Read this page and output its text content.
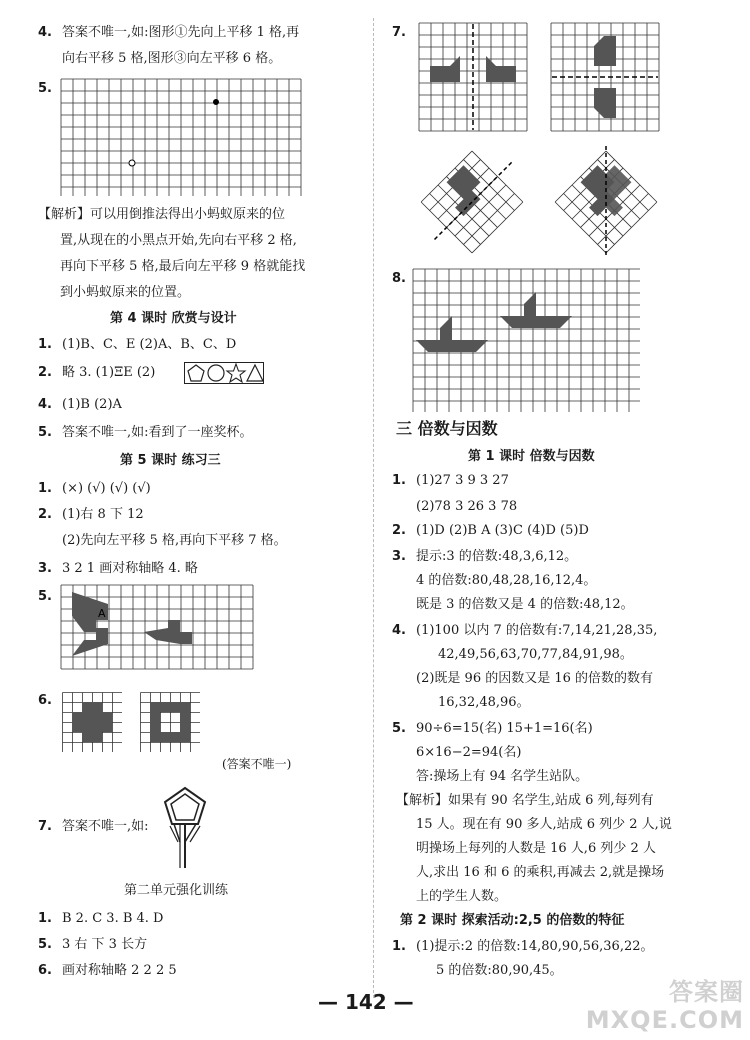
4. 答案不唯一,如:图形①先向上平移 1 格,再
向右平移 5 格,图形③向左平移 6 格。
5.
【解析】可以用倒推法得出小蚂蚁原来的位
置,从现在的小黑点开始,先向右平移 2 格,
再向下平移 5 格,最后向左平移 9 格就能找
到小蚂蚁原来的位置。
第 4 课时 欣赏与设计
1. (1)B、C、E (2)A、B、C、D
2. 略 3. (1)ΞΕ (2)
4. (1)B (2)A
5. 答案不唯一,如:看到了一座奖杯。
第 5 课时 练习三
1. (×) (√) (√) (√)
2. (1)右 8 下 12
(2)先向左平移 5 格,再向下平移 7 格。
3. 3 2 1 画对称轴略 4. 略
5.
A
6.
(答案不唯一)
7. 答案不唯一,如:
第二单元强化训练
1. B 2. C 3. B 4. D
5. 3 右 下 3 长方
6. 画对称轴略 2 2 2 5
7.
8.
三 倍数与因数
第 1 课时 倍数与因数
1. (1)27 3 9 3 27
(2)78 3 26 3 78
2. (1)D (2)B A (3)C (4)D (5)D
3. 提示:3 的倍数:48,3,6,12。
4 的倍数:80,48,28,16,12,4。
既是 3 的倍数又是 4 的倍数:48,12。
4. (1)100 以内 7 的倍数有:7,14,21,28,35,
42,49,56,63,70,77,84,91,98。
(2)既是 96 的因数又是 16 的倍数的数有
16,32,48,96。
5. 90÷6=15(名) 15+1=16(名)
6×16−2=94(名)
答:操场上有 94 名学生站队。
【解析】如果有 90 名学生,站成 6 列,每列有
15 人。现在有 90 多人,站成 6 列少 2 人,说
明操场上每列的人数是 16 人,6 列少 2 人
人,求出 16 和 6 的乘积,再减去 2,就是操场
上的学生人数。
第 2 课时 探索活动:2,5 的倍数的特征
1. (1)提示:2 的倍数:14,80,90,56,36,22。
5 的倍数:80,90,45。
— 142 —	答案圈
MXQE.COM
